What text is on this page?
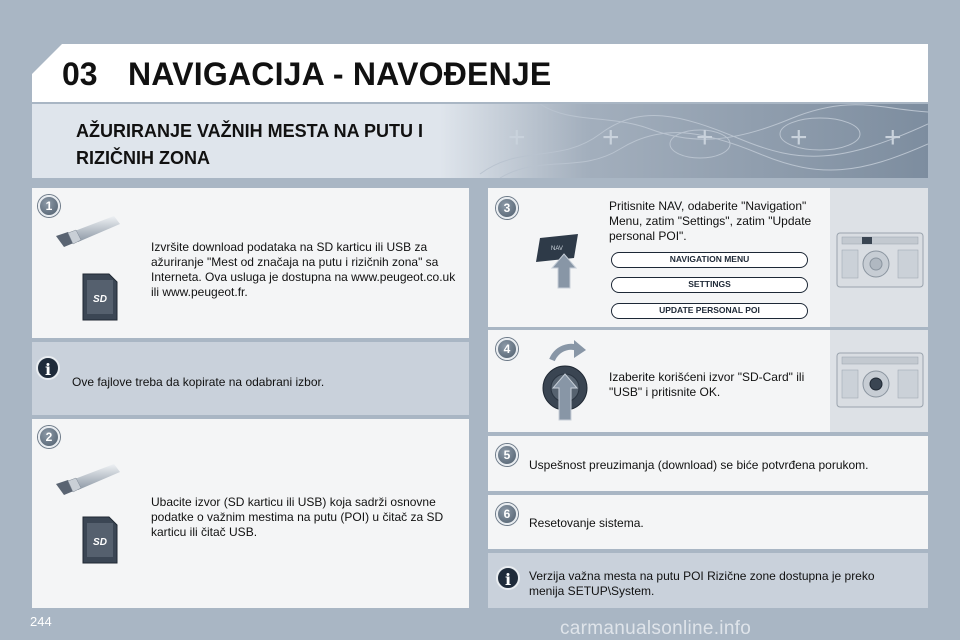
03 NAVIGACIJA - NAVOĐENJE
AŽURIRANJE VAŽNIH MESTA NA PUTU I
RIZIČNIH ZONA
+	+	+	+	+
1
SD
Izvršite download podataka na SD karticu ili USB za ažuriranje "Mest od značaja na putu i rizičnih zona" sa Interneta. Ova usluga je dostupna na www.peugeot.co.uk ili www.peugeot.fr.
i
Ove fajlove treba da kopirate na odabrani izbor.
2
SD
Ubacite izvor (SD karticu ili USB) koja sadrži osnovne podatke o važnim mestima na putu (POI) u čitač za SD karticu ili čitač USB.
3
NAV
Pritisnite NAV, odaberite "Navigation" Menu, zatim "Settings", zatim "Update personal POI".
NAVIGATION MENU
SETTINGS
UPDATE PERSONAL POI
4
Izaberite korišćeni izvor "SD-Card" ili "USB" i pritisnite OK.
5
Uspešnost preuzimanja (download) se biće potvrđena porukom.
6
Resetovanje sistema.
i	Verzija važna mesta na putu POI Rizične zone dostupna je preko menija SETUP\System.
244	carmanualsonline.info
